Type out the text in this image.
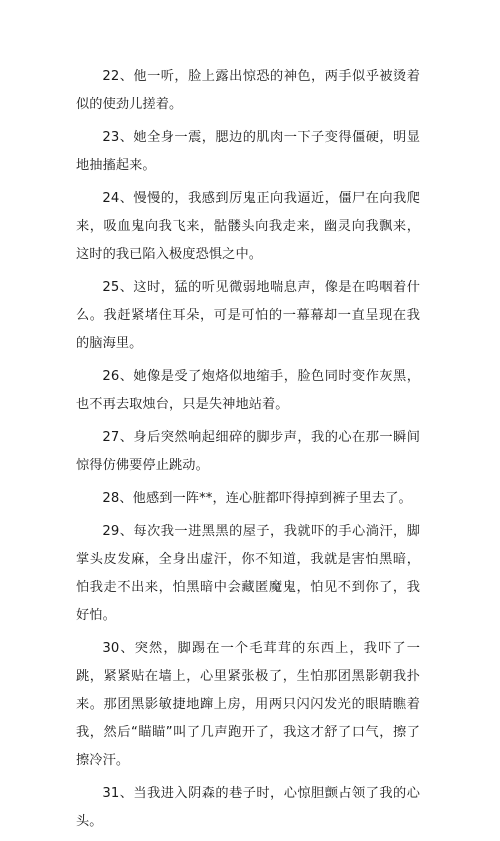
22、他一听，脸上露出惊恐的神色，两手似乎被烫着似的使劲儿搓着。

23、她全身一震，腮边的肌肉一下子变得僵硬，明显地抽搐起来。

24、慢慢的，我感到厉鬼正向我逼近，僵尸在向我爬来，吸血鬼向我飞来，骷髅头向我走来，幽灵向我飘来，这时的我已陷入极度恐惧之中。

25、这时，猛的听见微弱地喘息声，像是在呜咽着什么。我赶紧堵住耳朵，可是可怕的一幕幕却一直呈现在我的脑海里。

26、她像是受了炮烙似地缩手，脸色同时变作灰黑，也不再去取烛台，只是失神地站着。

27、身后突然响起细碎的脚步声，我的心在那一瞬间惊得仿佛要停止跳动。

28、他感到一阵**，连心脏都吓得掉到裤子里去了。

29、每次我一进黑黑的屋子，我就吓的手心淌汗，脚掌头皮发麻，全身出虚汗，你不知道，我就是害怕黑暗，怕我走不出来，怕黑暗中会藏匿魔鬼，怕见不到你了，我好怕。

30、突然，脚踢在一个毛茸茸的东西上，我吓了一跳，紧紧贴在墙上，心里紧张极了，生怕那团黑影朝我扑来。那团黑影敏捷地蹿上房，用两只闪闪发光的眼睛瞧着我，然后“瞄瞄”叫了几声跑开了，我这才舒了口气，擦了擦冷汗。

31、当我进入阴森的巷子时，心惊胆颤占领了我的心头。
